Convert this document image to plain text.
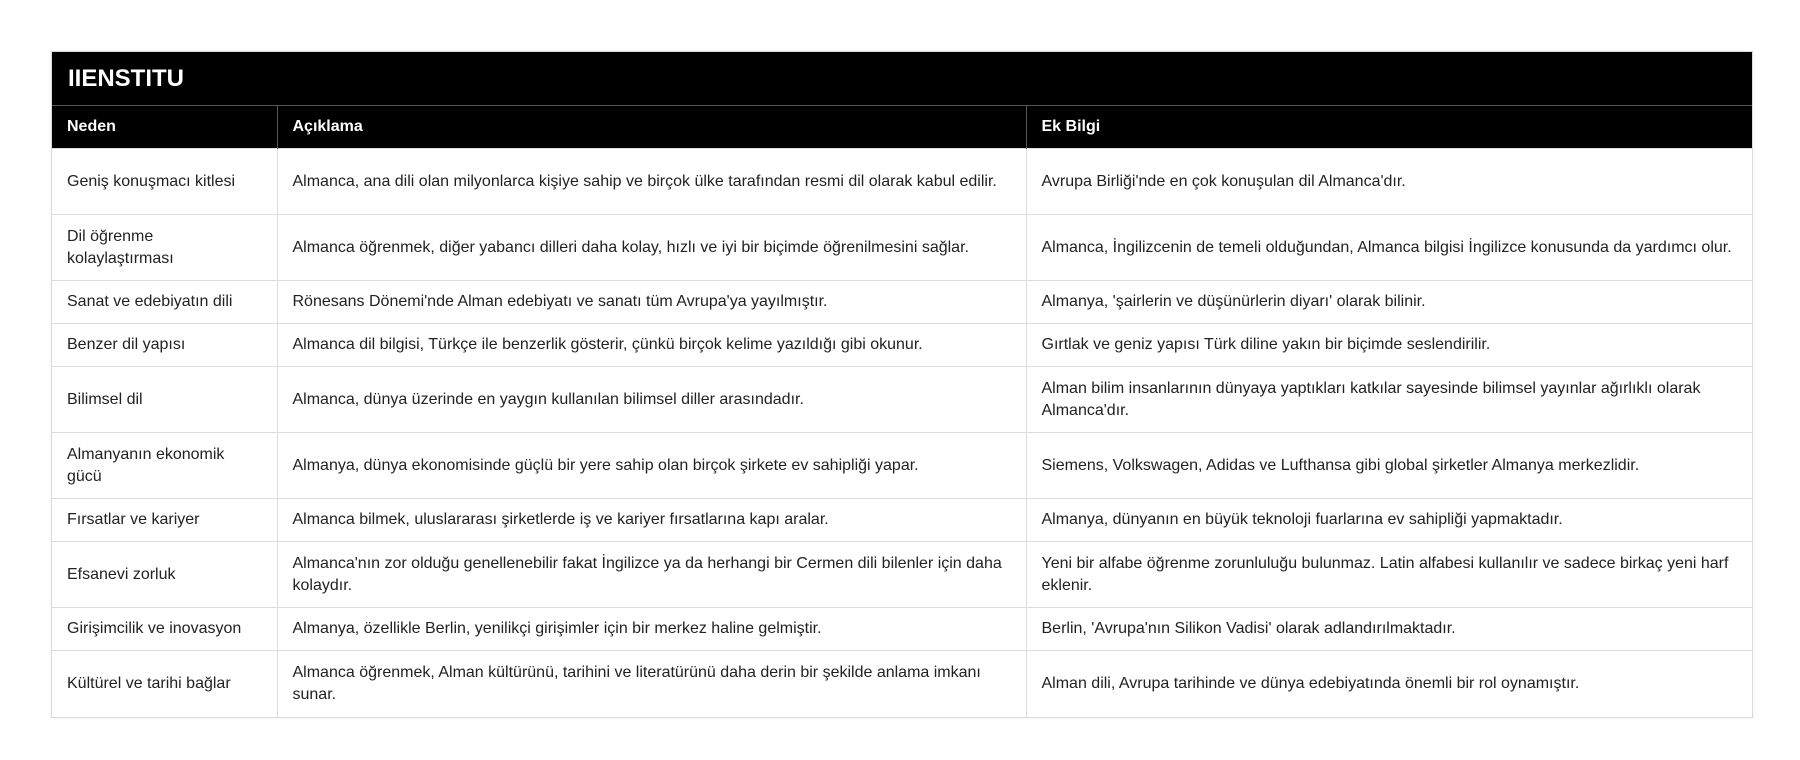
IIENSTITU
Neden	Açıklama	Ek Bilgi
Geniş konuşmacı kitlesi	Almanca, ana dili olan milyonlarca kişiye sahip ve birçok ülke tarafından resmi dil olarak kabul edilir.	Avrupa Birliği'nde en çok konuşulan dil Almanca'dır.
Dil öğrenme kolaylaştırması	Almanca öğrenmek, diğer yabancı dilleri daha kolay, hızlı ve iyi bir biçimde öğrenilmesini sağlar.	Almanca, İngilizcenin de temeli olduğundan, Almanca bilgisi İngilizce konusunda da yardımcı olur.
Sanat ve edebiyatın dili	Rönesans Dönemi'nde Alman edebiyatı ve sanatı tüm Avrupa'ya yayılmıştır.	Almanya, 'şairlerin ve düşünürlerin diyarı' olarak bilinir.
Benzer dil yapısı	Almanca dil bilgisi, Türkçe ile benzerlik gösterir, çünkü birçok kelime yazıldığı gibi okunur.	Gırtlak ve geniz yapısı Türk diline yakın bir biçimde seslendirilir.
Bilimsel dil	Almanca, dünya üzerinde en yaygın kullanılan bilimsel diller arasındadır.	Alman bilim insanlarının dünyaya yaptıkları katkılar sayesinde bilimsel yayınlar ağırlıklı olarak Almanca'dır.
Almanyanın ekonomik gücü	Almanya, dünya ekonomisinde güçlü bir yere sahip olan birçok şirkete ev sahipliği yapar.	Siemens, Volkswagen, Adidas ve Lufthansa gibi global şirketler Almanya merkezlidir.
Fırsatlar ve kariyer	Almanca bilmek, uluslararası şirketlerde iş ve kariyer fırsatlarına kapı aralar.	Almanya, dünyanın en büyük teknoloji fuarlarına ev sahipliği yapmaktadır.
Efsanevi zorluk	Almanca'nın zor olduğu genellenebilir fakat İngilizce ya da herhangi bir Cermen dili bilenler için daha kolaydır.	Yeni bir alfabe öğrenme zorunluluğu bulunmaz. Latin alfabesi kullanılır ve sadece birkaç yeni harf eklenir.
Girişimcilik ve inovasyon	Almanya, özellikle Berlin, yenilikçi girişimler için bir merkez haline gelmiştir.	Berlin, 'Avrupa'nın Silikon Vadisi' olarak adlandırılmaktadır.
Kültürel ve tarihi bağlar	Almanca öğrenmek, Alman kültürünü, tarihini ve literatürünü daha derin bir şekilde anlama imkanı sunar.	Alman dili, Avrupa tarihinde ve dünya edebiyatında önemli bir rol oynamıştır.
